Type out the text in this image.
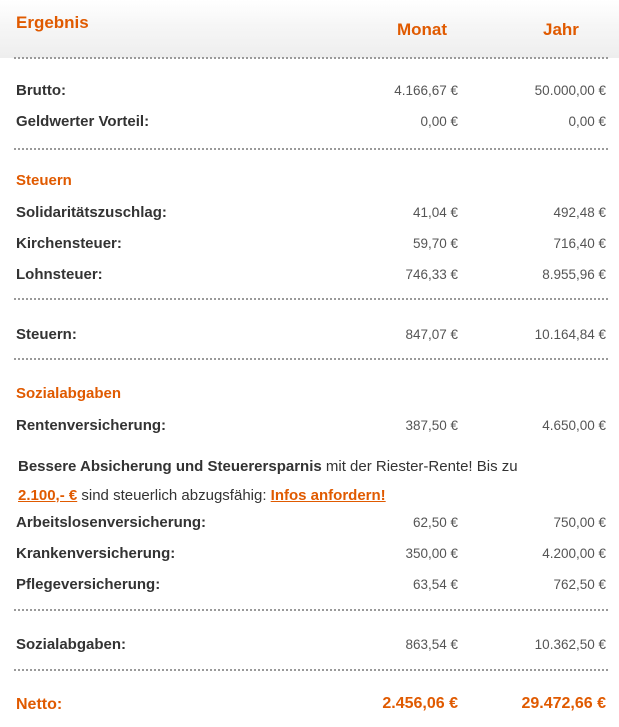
Ergebnis	Monat	Jahr
Brutto:	4.166,67 €	50.000,00 €
Geldwerter Vorteil:	0,00 €	0,00 €
Steuern
Solidaritätszuschlag:	41,04 €	492,48 €
Kirchensteuer:	59,70 €	716,40 €
Lohnsteuer:	746,33 €	8.955,96 €
Steuern:	847,07 €	10.164,84 €
Sozialabgaben
Rentenversicherung:	387,50 €	4.650,00 €
Bessere Absicherung und Steuerersparnis mit der Riester-Rente! Bis zu
2.100,- € sind steuerlich abzugsfähig: Infos anfordern!
Arbeitslosenversicherung:	62,50 €	750,00 €
Krankenversicherung:	350,00 €	4.200,00 €
Pflegeversicherung:	63,54 €	762,50 €
Sozialabgaben:	863,54 €	10.362,50 €
Netto:	2.456,06 €	29.472,66 €
